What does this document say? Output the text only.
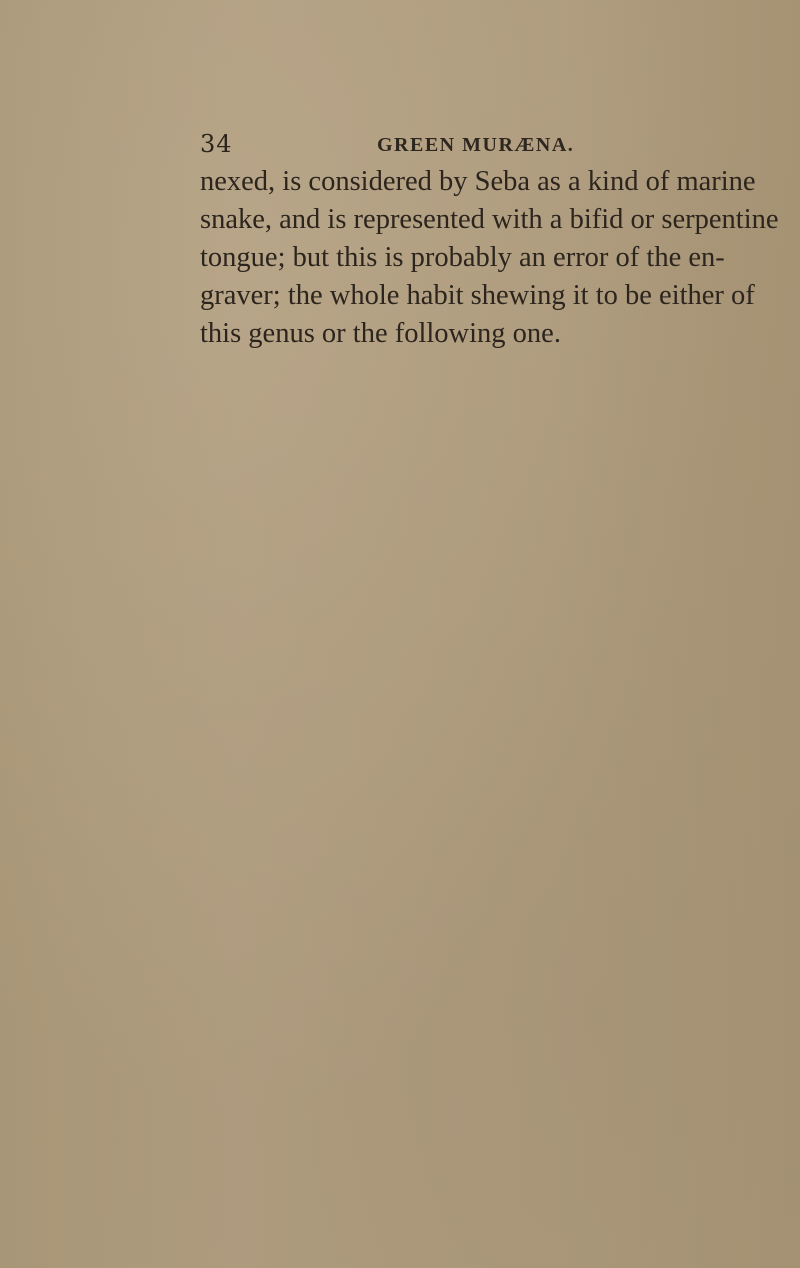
34	GREEN MURÆNA.
nexed, is considered by Seba as a kind of marine
snake, and is represented with a bifid or serpentine
tongue; but this is probably an error of the en-
graver; the whole habit shewing it to be either of
this genus or the following one.
